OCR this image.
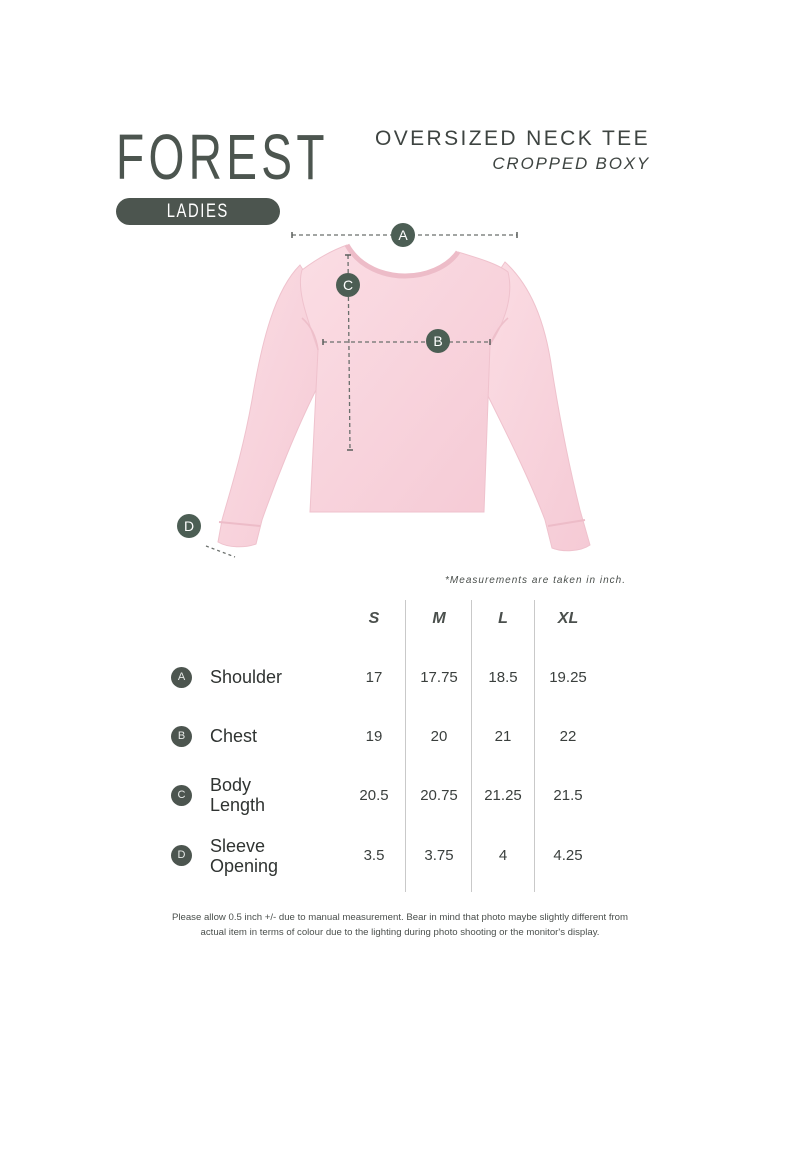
FOREST
LADIES
OVERSIZED NECK TEE
CROPPED BOXY
A
C
B
D
*Measurements are taken in inch.
S	M	L	XL
A	Shoulder	17	17.75	18.5	19.25
B	Chest	19	20	21	22
C	Body
Length	20.5	20.75	21.25	21.5
D	Sleeve
Opening
3.5	3.75	4	4.25
Please allow 0.5 inch +/- due to manual measurement. Bear in mind that photo maybe slightly different from
actual item in terms of colour due to the lighting during photo shooting or the monitor's display.
